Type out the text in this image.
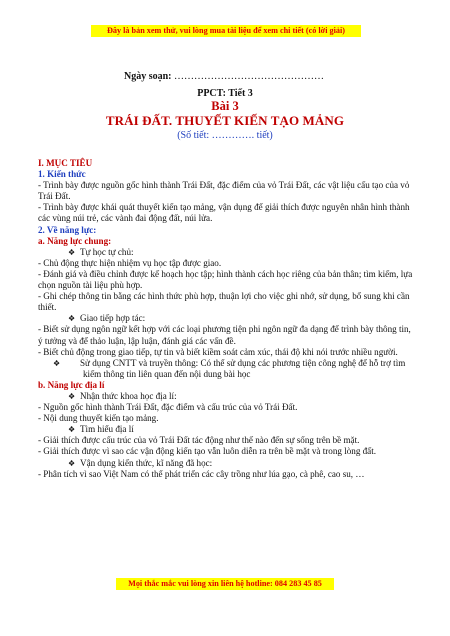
Đây là bản xem thử, vui lòng mua tài liệu để xem chi tiết (có lời giải)
Ngày soạn: ………………………………………
PPCT: Tiết 3
Bài 3
TRÁI ĐẤT. THUYẾT KIẾN TẠO MẢNG
(Số tiết: …………. tiết)

I. MỤC TIÊU

1. Kiến thức

- Trình bày được nguồn gốc hình thành Trái Đất, đặc điểm của vỏ Trái Đất, các vật liệu cấu tạo của vỏ Trái Đất.

- Trình bày được khái quát thuyết kiến tạo mảng, vận dụng để giải thích được nguyên nhân hình thành các vùng núi trẻ, các vành đai động đất, núi lửa.

2. Về năng lực:

a. Năng lực chung:

❖ Tự học tự chủ:

- Chủ động thực hiện nhiệm vụ học tập được giao.

- Đánh giá và điều chỉnh được kế hoạch học tập; hình thành cách học riêng của bản thân; tìm kiếm, lựa chọn nguồn tài liệu phù hợp.

- Ghi chép thông tin bằng các hình thức phù hợp, thuận lợi cho việc ghi nhớ, sử dụng, bổ sung khi cần thiết.

❖ Giao tiếp hợp tác:

- Biết sử dụng ngôn ngữ kết hợp với các loại phương tiện phi ngôn ngữ đa dạng để trình bày thông tin, ý tưởng và để thảo luận, lập luận, đánh giá các vấn đề.

- Biết chủ động trong giao tiếp, tự tin và biết kiềm soát cảm xúc, thái độ khi nói trước nhiều người.

❖ Sử dụng CNTT và truyền thông: Có thể sử dụng các phương tiện công nghệ để hỗ trợ tìm kiếm thông tin liên quan đến nội dung bài học

b. Năng lực địa lí

❖ Nhận thức khoa học địa lí:

- Nguồn gốc hình thành Trái Đất, đặc điểm và cấu trúc của vỏ Trái Đất.

- Nội dung thuyết kiến tạo mảng.

❖ Tìm hiểu địa lí

- Giải thích được cấu trúc của vỏ Trái Đất tác động như thế nào đến sự sống trên bề mặt.

- Giải thích được vì sao các vận động kiến tạo vẫn luôn diễn ra trên bề mặt và trong lòng đất.

❖ Vận dụng kiến thức, kĩ năng đã học:

- Phân tích vì sao Việt Nam có thể phát triển các cây trồng như lúa gạo, cà phê, cao su, …

Mọi thắc mắc vui lòng xin liên hệ hotline: 084 283 45 85
